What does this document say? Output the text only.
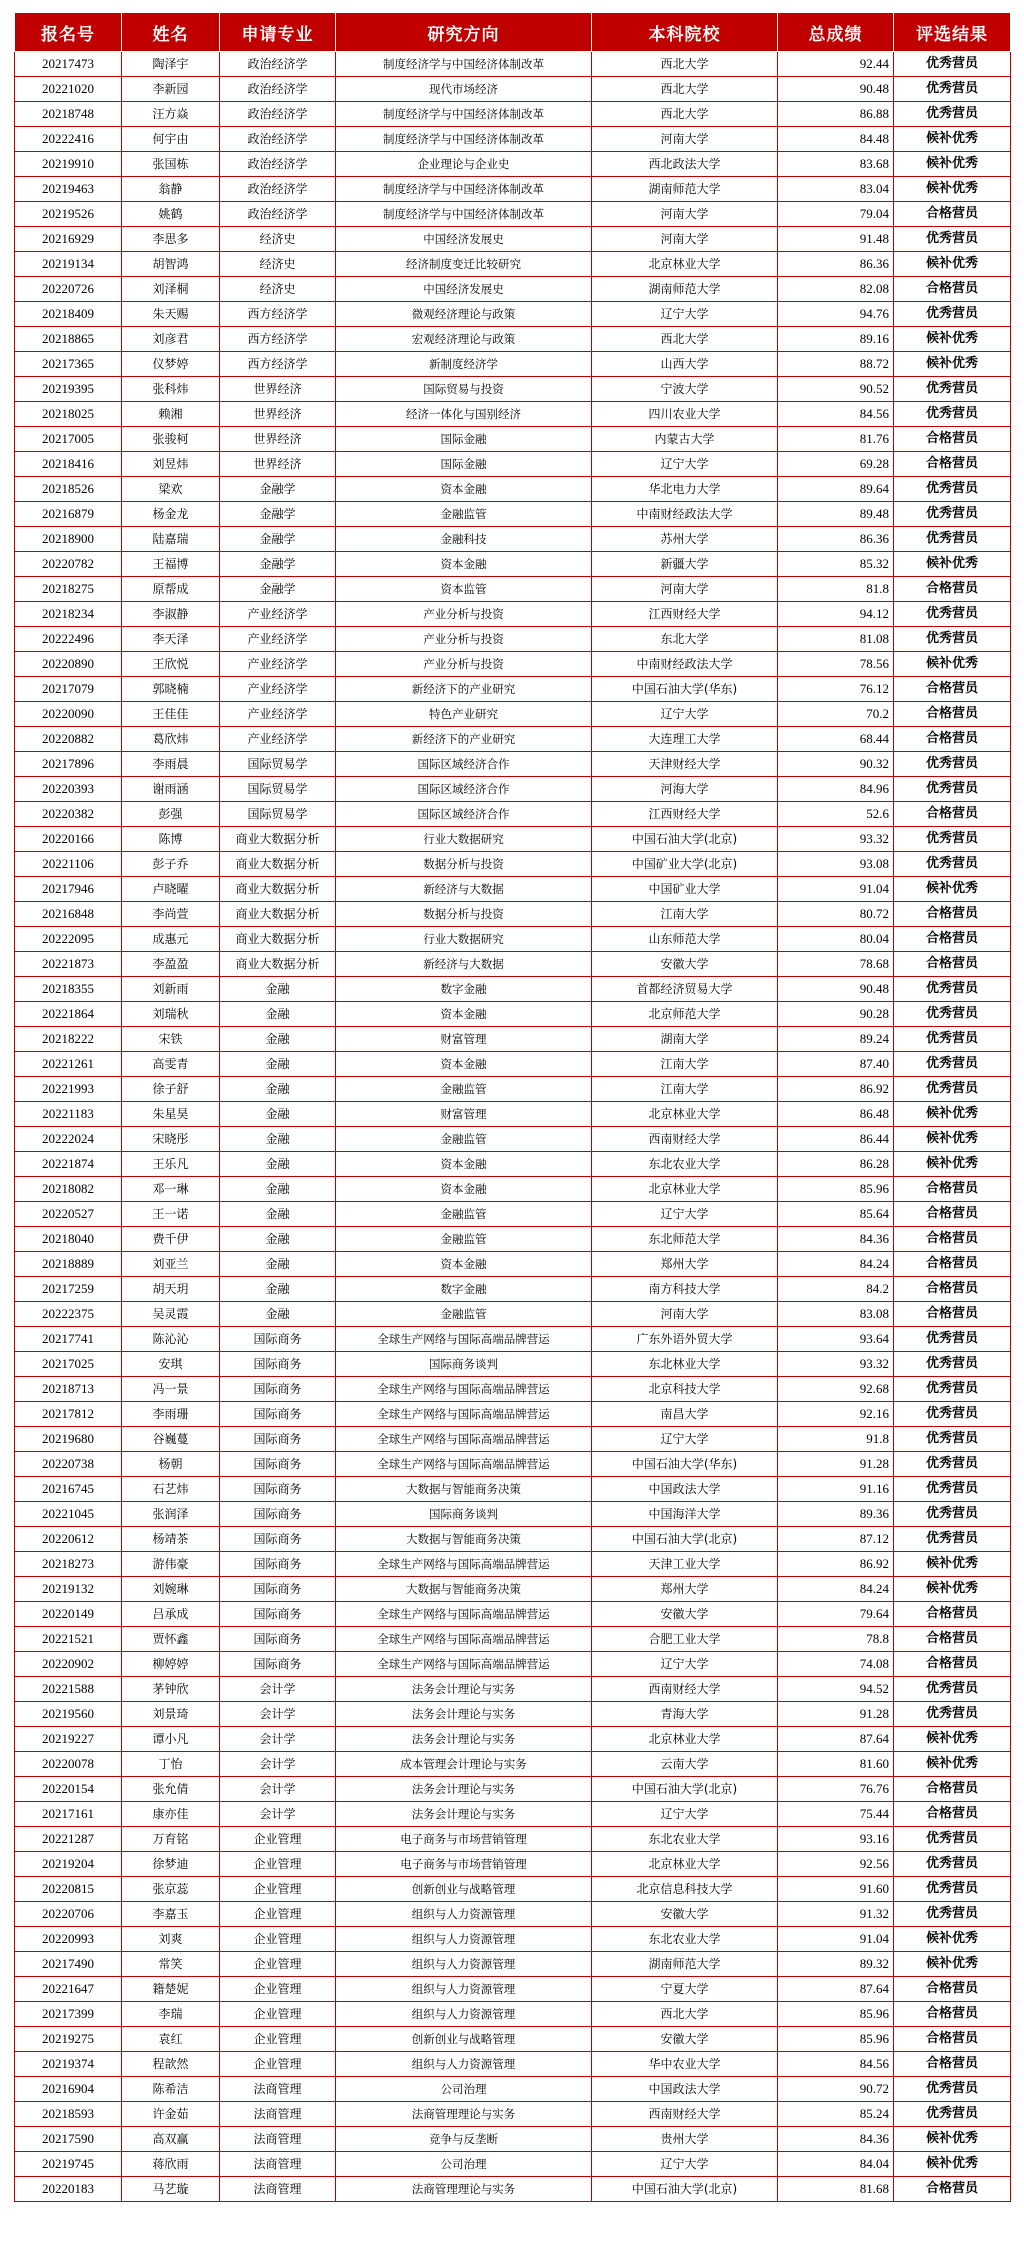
报名号	姓名	申请专业	研究方向	本科院校	总成绩	评选结果
20217473	陶泽宇	政治经济学	制度经济学与中国经济体制改革	西北大学	92.44	优秀营员
20221020	李新园	政治经济学	现代市场经济	西北大学	90.48	优秀营员
20218748	汪方焱	政治经济学	制度经济学与中国经济体制改革	西北大学	86.88	优秀营员
20222416	何宇由	政治经济学	制度经济学与中国经济体制改革	河南大学	84.48	候补优秀
20219910	张国栋	政治经济学	企业理论与企业史	西北政法大学	83.68	候补优秀
20219463	翁静	政治经济学	制度经济学与中国经济体制改革	湖南师范大学	83.04	候补优秀
20219526	姚鹤	政治经济学	制度经济学与中国经济体制改革	河南大学	79.04	合格营员
20216929	李思多	经济史	中国经济发展史	河南大学	91.48	优秀营员
20219134	胡智鸿	经济史	经济制度变迁比较研究	北京林业大学	86.36	候补优秀
20220726	刘泽桐	经济史	中国经济发展史	湖南师范大学	82.08	合格营员
20218409	朱天赐	西方经济学	微观经济理论与政策	辽宁大学	94.76	优秀营员
20218865	刘彦君	西方经济学	宏观经济理论与政策	西北大学	89.16	候补优秀
20217365	仪梦婷	西方经济学	新制度经济学	山西大学	88.72	候补优秀
20219395	张科炜	世界经济	国际贸易与投资	宁波大学	90.52	优秀营员
20218025	赖湘	世界经济	经济一体化与国别经济	四川农业大学	84.56	优秀营员
20217005	张骏柯	世界经济	国际金融	内蒙古大学	81.76	合格营员
20218416	刘昱炜	世界经济	国际金融	辽宁大学	69.28	合格营员
20218526	梁欢	金融学	资本金融	华北电力大学	89.64	优秀营员
20216879	杨金龙	金融学	金融监管	中南财经政法大学	89.48	优秀营员
20218900	陆嘉瑞	金融学	金融科技	苏州大学	86.36	优秀营员
20220782	王福博	金融学	资本金融	新疆大学	85.32	候补优秀
20218275	原帮成	金融学	资本监管	河南大学	81.8	合格营员
20218234	李淑静	产业经济学	产业分析与投资	江西财经大学	94.12	优秀营员
20222496	李天泽	产业经济学	产业分析与投资	东北大学	81.08	优秀营员
20220890	王欣悦	产业经济学	产业分析与投资	中南财经政法大学	78.56	候补优秀
20217079	郭晓楠	产业经济学	新经济下的产业研究	中国石油大学(华东)	76.12	合格营员
20220090	王佳佳	产业经济学	特色产业研究	辽宁大学	70.2	合格营员
20220882	葛欣炜	产业经济学	新经济下的产业研究	大连理工大学	68.44	合格营员
20217896	李雨晨	国际贸易学	国际区域经济合作	天津财经大学	90.32	优秀营员
20220393	谢雨涵	国际贸易学	国际区域经济合作	河海大学	84.96	优秀营员
20220382	彭强	国际贸易学	国际区域经济合作	江西财经大学	52.6	合格营员
20220166	陈博	商业大数据分析	行业大数据研究	中国石油大学(北京)	93.32	优秀营员
20221106	彭子乔	商业大数据分析	数据分析与投资	中国矿业大学(北京)	93.08	优秀营员
20217946	卢晓曜	商业大数据分析	新经济与大数据	中国矿业大学	91.04	候补优秀
20216848	李尚萱	商业大数据分析	数据分析与投资	江南大学	80.72	合格营员
20222095	成惠元	商业大数据分析	行业大数据研究	山东师范大学	80.04	合格营员
20221873	李盈盈	商业大数据分析	新经济与大数据	安徽大学	78.68	合格营员
20218355	刘新雨	金融	数字金融	首都经济贸易大学	90.48	优秀营员
20221864	刘瑞秋	金融	资本金融	北京师范大学	90.28	优秀营员
20218222	宋铁	金融	财富管理	湖南大学	89.24	优秀营员
20221261	高雯青	金融	资本金融	江南大学	87.40	优秀营员
20221993	徐子舒	金融	金融监管	江南大学	86.92	优秀营员
20221183	朱星昊	金融	财富管理	北京林业大学	86.48	候补优秀
20222024	宋晓彤	金融	金融监管	西南财经大学	86.44	候补优秀
20221874	王乐凡	金融	资本金融	东北农业大学	86.28	候补优秀
20218082	邓一琳	金融	资本金融	北京林业大学	85.96	合格营员
20220527	王一诺	金融	金融监管	辽宁大学	85.64	合格营员
20218040	费千伊	金融	金融监管	东北师范大学	84.36	合格营员
20218889	刘亚兰	金融	资本金融	郑州大学	84.24	合格营员
20217259	胡天玥	金融	数字金融	南方科技大学	84.2	合格营员
20222375	吴灵霞	金融	金融监管	河南大学	83.08	合格营员
20217741	陈沁沁	国际商务	全球生产网络与国际高端品牌营运	广东外语外贸大学	93.64	优秀营员
20217025	安琪	国际商务	国际商务谈判	东北林业大学	93.32	优秀营员
20218713	冯一景	国际商务	全球生产网络与国际高端品牌营运	北京科技大学	92.68	优秀营员
20217812	李雨珊	国际商务	全球生产网络与国际高端品牌营运	南昌大学	92.16	优秀营员
20219680	谷巍蔓	国际商务	全球生产网络与国际高端品牌营运	辽宁大学	91.8	优秀营员
20220738	杨朝	国际商务	全球生产网络与国际高端品牌营运	中国石油大学(华东)	91.28	优秀营员
20216745	石艺炜	国际商务	大数据与智能商务决策	中国政法大学	91.16	优秀营员
20221045	张润泽	国际商务	国际商务谈判	中国海洋大学	89.36	优秀营员
20220612	杨靖茶	国际商务	大数据与智能商务决策	中国石油大学(北京)	87.12	优秀营员
20218273	游伟豪	国际商务	全球生产网络与国际高端品牌营运	天津工业大学	86.92	候补优秀
20219132	刘婉琳	国际商务	大数据与智能商务决策	郑州大学	84.24	候补优秀
20220149	吕承成	国际商务	全球生产网络与国际高端品牌营运	安徽大学	79.64	合格营员
20221521	贾怀鑫	国际商务	全球生产网络与国际高端品牌营运	合肥工业大学	78.8	合格营员
20220902	柳婷婷	国际商务	全球生产网络与国际高端品牌营运	辽宁大学	74.08	合格营员
20221588	茅钟欣	会计学	法务会计理论与实务	西南财经大学	94.52	优秀营员
20219560	刘景琦	会计学	法务会计理论与实务	青海大学	91.28	优秀营员
20219227	谭小凡	会计学	法务会计理论与实务	北京林业大学	87.64	候补优秀
20220078	丁怡	会计学	成本管理会计理论与实务	云南大学	81.60	候补优秀
20220154	张允倩	会计学	法务会计理论与实务	中国石油大学(北京)	76.76	合格营员
20217161	康亦佳	会计学	法务会计理论与实务	辽宁大学	75.44	合格营员
20221287	万育铭	企业管理	电子商务与市场营销管理	东北农业大学	93.16	优秀营员
20219204	徐梦迪	企业管理	电子商务与市场营销管理	北京林业大学	92.56	优秀营员
20220815	张京蕊	企业管理	创新创业与战略管理	北京信息科技大学	91.60	优秀营员
20220706	李嘉玉	企业管理	组织与人力资源管理	安徽大学	91.32	优秀营员
20220993	刘爽	企业管理	组织与人力资源管理	东北农业大学	91.04	候补优秀
20217490	常笑	企业管理	组织与人力资源管理	湖南师范大学	89.32	候补优秀
20221647	籍楚妮	企业管理	组织与人力资源管理	宁夏大学	87.64	合格营员
20217399	李瑞	企业管理	组织与人力资源管理	西北大学	85.96	合格营员
20219275	袁红	企业管理	创新创业与战略管理	安徽大学	85.96	合格营员
20219374	程歆然	企业管理	组织与人力资源管理	华中农业大学	84.56	合格营员
20216904	陈希洁	法商管理	公司治理	中国政法大学	90.72	优秀营员
20218593	许金茹	法商管理	法商管理理论与实务	西南财经大学	85.24	优秀营员
20217590	高双赢	法商管理	竞争与反垄断	贵州大学	84.36	候补优秀
20219745	蒋欣雨	法商管理	公司治理	辽宁大学	84.04	候补优秀
20220183	马艺璇	法商管理	法商管理理论与实务	中国石油大学(北京)	81.68	合格营员
